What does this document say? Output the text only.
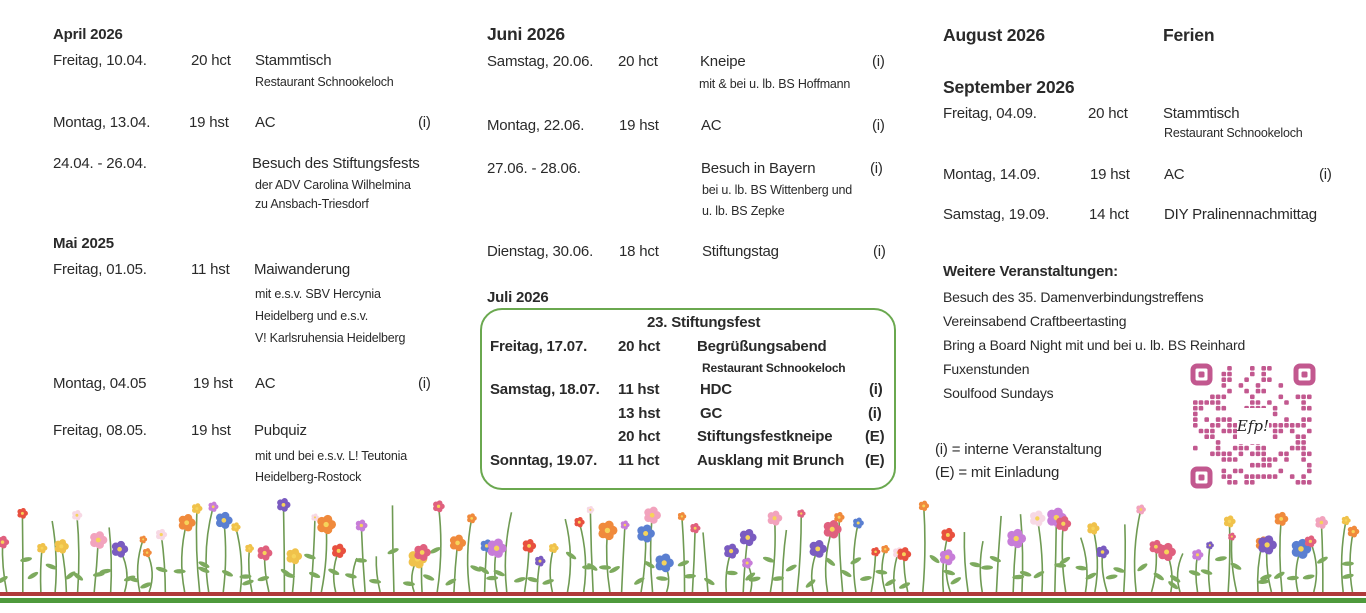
April 2026
Freitag, 10.04.	20 hct Stammtisch
Restaurant Schnookeloch
Montag, 13.04.	19 hst AC	(i)
24.04. - 26.04.	Besuch des Stiftungsfests
der ADV Carolina Wilhelmina
zu Ansbach-Triesdorf
Mai 2025
Freitag, 01.05.	11 hst Maiwanderung
mit e.s.v. SBV Hercynia
Heidelberg und e.s.v.
V! Karlsruhensia Heidelberg
Montag, 04.05	19 hst AC	(i)
Freitag, 08.05.	19 hst Pubquiz
mit und bei e.s.v. L! Teutonia
Heidelberg-Rostock
Juni 2026
Samstag, 20.06. 20 hct	Kneipe	(i)
mit & bei u. lb. BS Hoffmann
Montag, 22.06. 19 hst	AC	(i)
27.06. - 28.06.	Besuch in Bayern	(i)
bei u. lb. BS Wittenberg und
u. lb. BS Zepke
Dienstag, 30.06. 18 hct	Stiftungstag	(i)
Juli 2026
23. Stiftungsfest
Freitag, 17.07. 20 hct Begrüßungsabend
Restaurant Schnookeloch
Samstag, 18.07. 11 hst	HDC	(i)
13 hst	GC	(i)
20 hct Stiftungsfestkneipe (E)
Sonntag, 19.07. 11 hct	Ausklang mit Brunch (E)
August 2026	Ferien
September 2026
Freitag, 04.09.	20 hct Stammtisch
Restaurant Schnookeloch
Montag, 14.09.	19 hst AC	(i)
Samstag, 19.09.	14 hct DIY Pralinennachmittag
Weitere Veranstaltungen:
Besuch des 35. Damenverbindungstreffens
Vereinsabend Craftbeertasting
Bring a Board Night mit und bei u. lb. BS Reinhard
Fuxenstunden
Soulfood Sundays
(i) = interne Veranstaltung
(E) = mit Einladung
Efp!
